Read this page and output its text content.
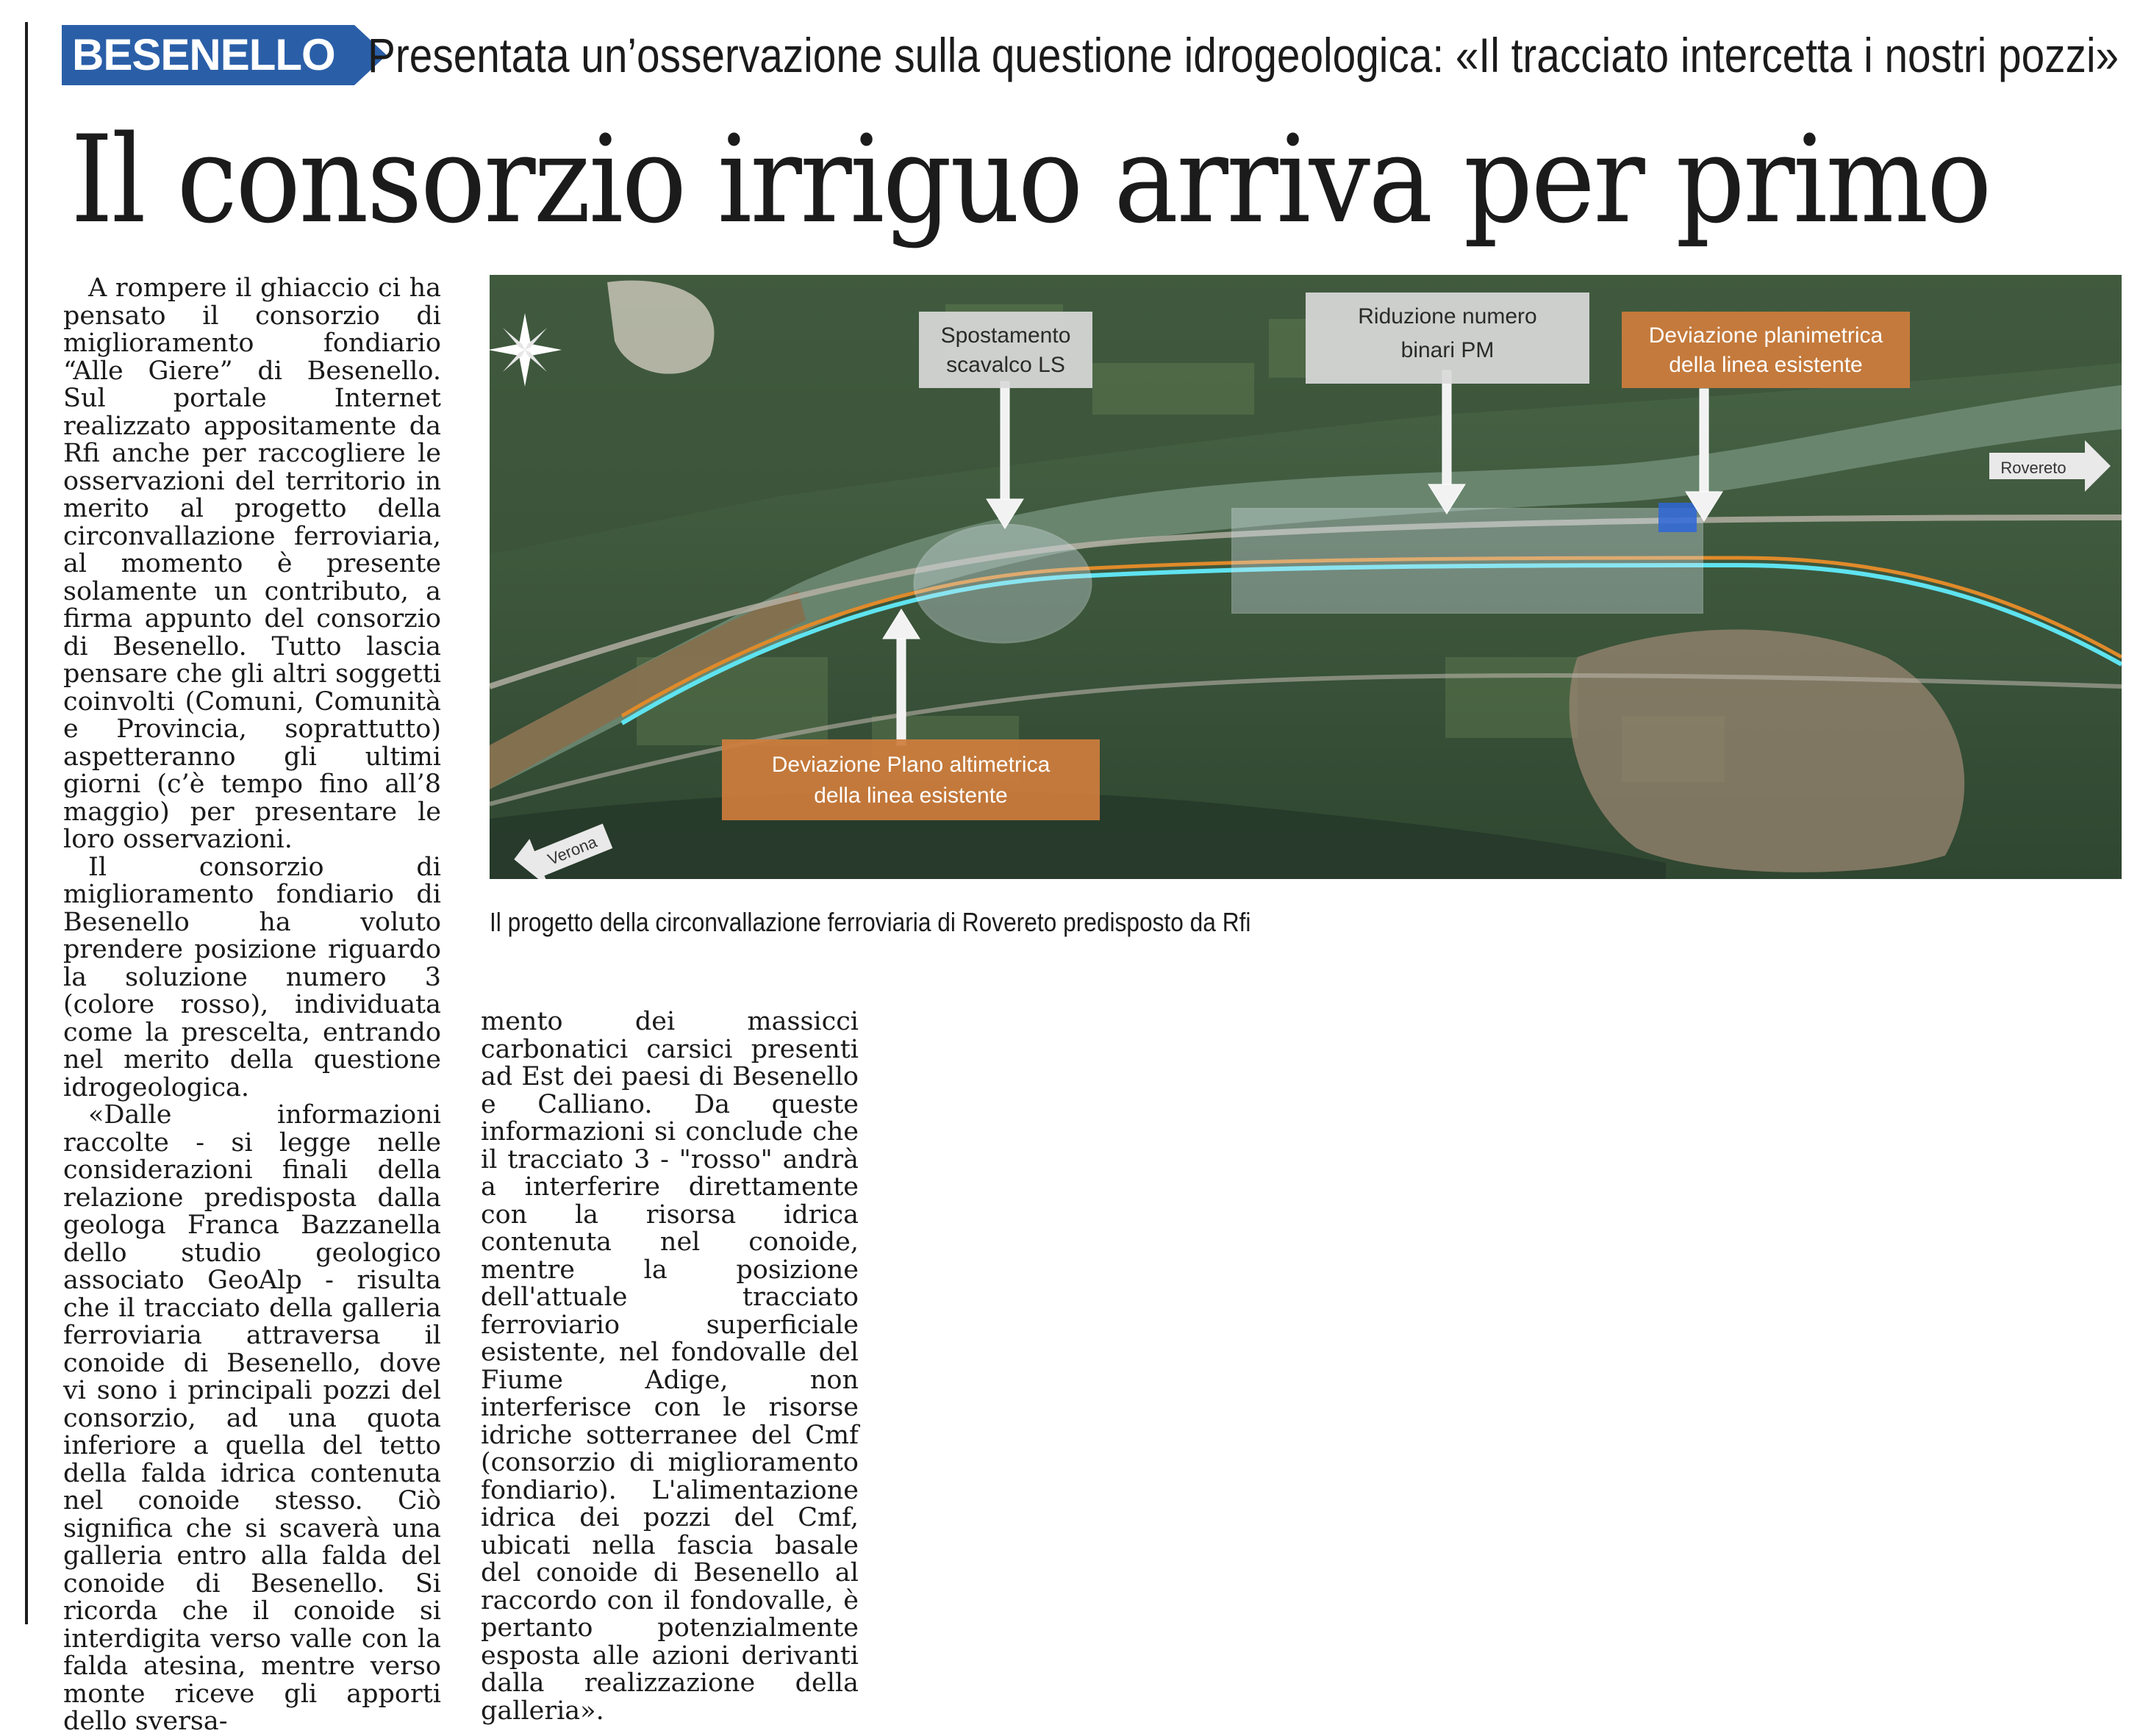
BESENELLO Presentata un’osservazione sulla questione idrogeologica: «Il tracciato intercetta i nostri pozzi»
Il consorzio irriguo arriva per primo

A rompere il ghiaccio ci ha pensato il consorzio di miglioramento fondiario “Alle Giere” di Besenello. Sul portale Internet realizzato appositamente da Rfi anche per raccogliere le osservazioni del territorio in merito al progetto della circonvallazione ferroviaria, al momento è presente solamente un contributo, a firma appunto del consorzio di Besenello. Tutto lascia pensare che gli altri soggetti coinvolti (Comuni, Comunità e Provincia, soprattutto) aspetteranno gli ultimi giorni (c’è tempo fino all’8 maggio) per presentare le loro osservazioni.

Il consorzio di miglioramento fondiario di Besenello ha voluto prendere posizione riguardo la soluzione numero 3 (colore rosso), individuata come la prescelta, entrando nel merito della questione idrogeologica.

«Dalle informazioni raccolte - si legge nelle considerazioni finali della relazione predisposta dalla geologa Franca Bazzanella dello studio geologico associato GeoAlp - risulta che il tracciato della galleria ferroviaria attraversa il conoide di Besenello, dove vi sono i principali pozzi del consorzio, ad una quota inferiore a quella del tetto della falda idrica contenuta nel conoide stesso. Ciò significa che si scaverà una galleria entro alla falda del conoide di Besenello. Si ricorda che il conoide si interdigita verso valle con la falda atesina, mentre verso monte riceve gli apporti dello sversa-

Spostamento
scavalco LS
Riduzione numero
binari PM
Deviazione planimetrica
della linea esistente
Deviazione Plano altimetrica
della linea esistente
Rovereto
Verona
Il progetto della circonvallazione ferroviaria di Rovereto predisposto da Rfi

mento dei massicci carbonatici carsici presenti ad Est dei paesi di Besenello e Calliano. Da queste informazioni si conclude che il tracciato 3 - "rosso" andrà a interferire direttamente con la risorsa idrica contenuta nel conoide, mentre la posizione dell'attuale tracciato ferroviario superficiale esistente, nel fondovalle del Fiume Adige, non interferisce con le risorse idriche sotterranee del Cmf (consorzio di miglioramento fondiario). L'alimentazione idrica dei pozzi del Cmf, ubicati nella fascia basale del conoide di Besenello al raccordo con il fondovalle, è pertanto potenzialmente esposta alle azioni derivanti dalla realizzazione della galleria».
